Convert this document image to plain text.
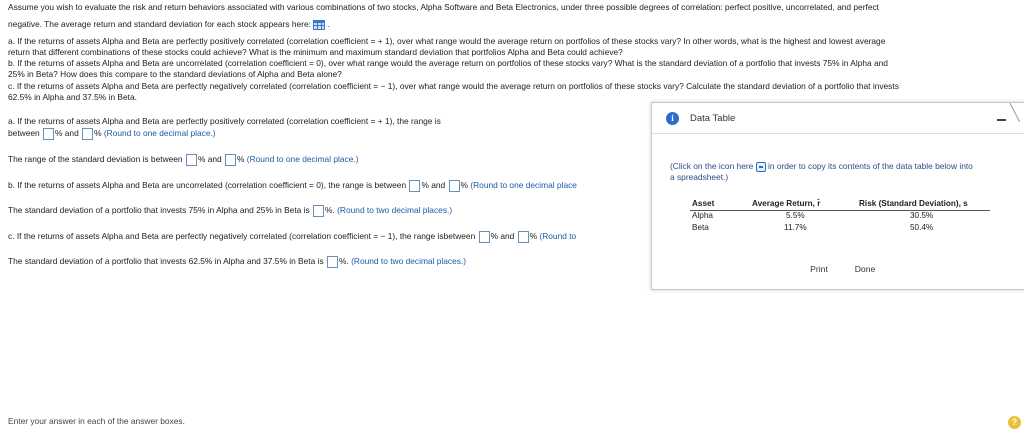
Assume you wish to evaluate the risk and return behaviors associated with various combinations of two stocks, Alpha Software and Beta Electronics, under three possible degrees of correlation: perfect positive, uncorrelated, and perfect
negative. The average return and standard deviation for each stock appears here: .
a. If the returns of assets Alpha and Beta are perfectly positively correlated (correlation coefficient = + 1), over what range would the average return on portfolios of these stocks vary? In other words, what is the highest and lowest average
return that different combinations of these stocks could achieve? What is the minimum and maximum standard deviation that portfolios Alpha and Beta could achieve?
b. If the returns of assets Alpha and Beta are uncorrelated (correlation coefficient = 0), over what range would the average return on portfolios of these stocks vary? What is the standard deviation of a portfolio that invests 75% in Alpha and
25% in Beta? How does this compare to the standard deviations of Alpha and Beta alone?
c. If the returns of assets Alpha and Beta are perfectly negatively correlated (correlation coefficient = − 1), over what range would the average return on portfolios of these stocks vary? Calculate the standard deviation of a portfolio that invests
62.5% in Alpha and 37.5% in Beta.
a. If the returns of assets Alpha and Beta are perfectly positively correlated (correlation coefficient = + 1), the range is
between % and % (Round to one decimal place.)
The range of the standard deviation is between % and % (Round to one decimal place.)
b. If the returns of assets Alpha and Beta are uncorrelated (correlation coefficient = 0), the range is between % and % (Round to one decimal place
The standard deviation of a portfolio that invests 75% in Alpha and 25% in Beta is %. (Round to two decimal places.)
c. If the returns of assets Alpha and Beta are perfectly negatively correlated (correlation coefficient = − 1), the range isbetween % and % (Round to
The standard deviation of a portfolio that invests 62.5% in Alpha and 37.5% in Beta is %. (Round to two decimal places.)
Enter your answer in each of the answer boxes.	?
i	Data Table	╲
(Click on the icon here in order to copy its contents of the data table below into
a spreadsheet.)
Asset	Average Return, r̄	Risk (Standard Deviation), s
Alpha	5.5%	30.5%
Beta	11.7%	50.4%
Print	Done
